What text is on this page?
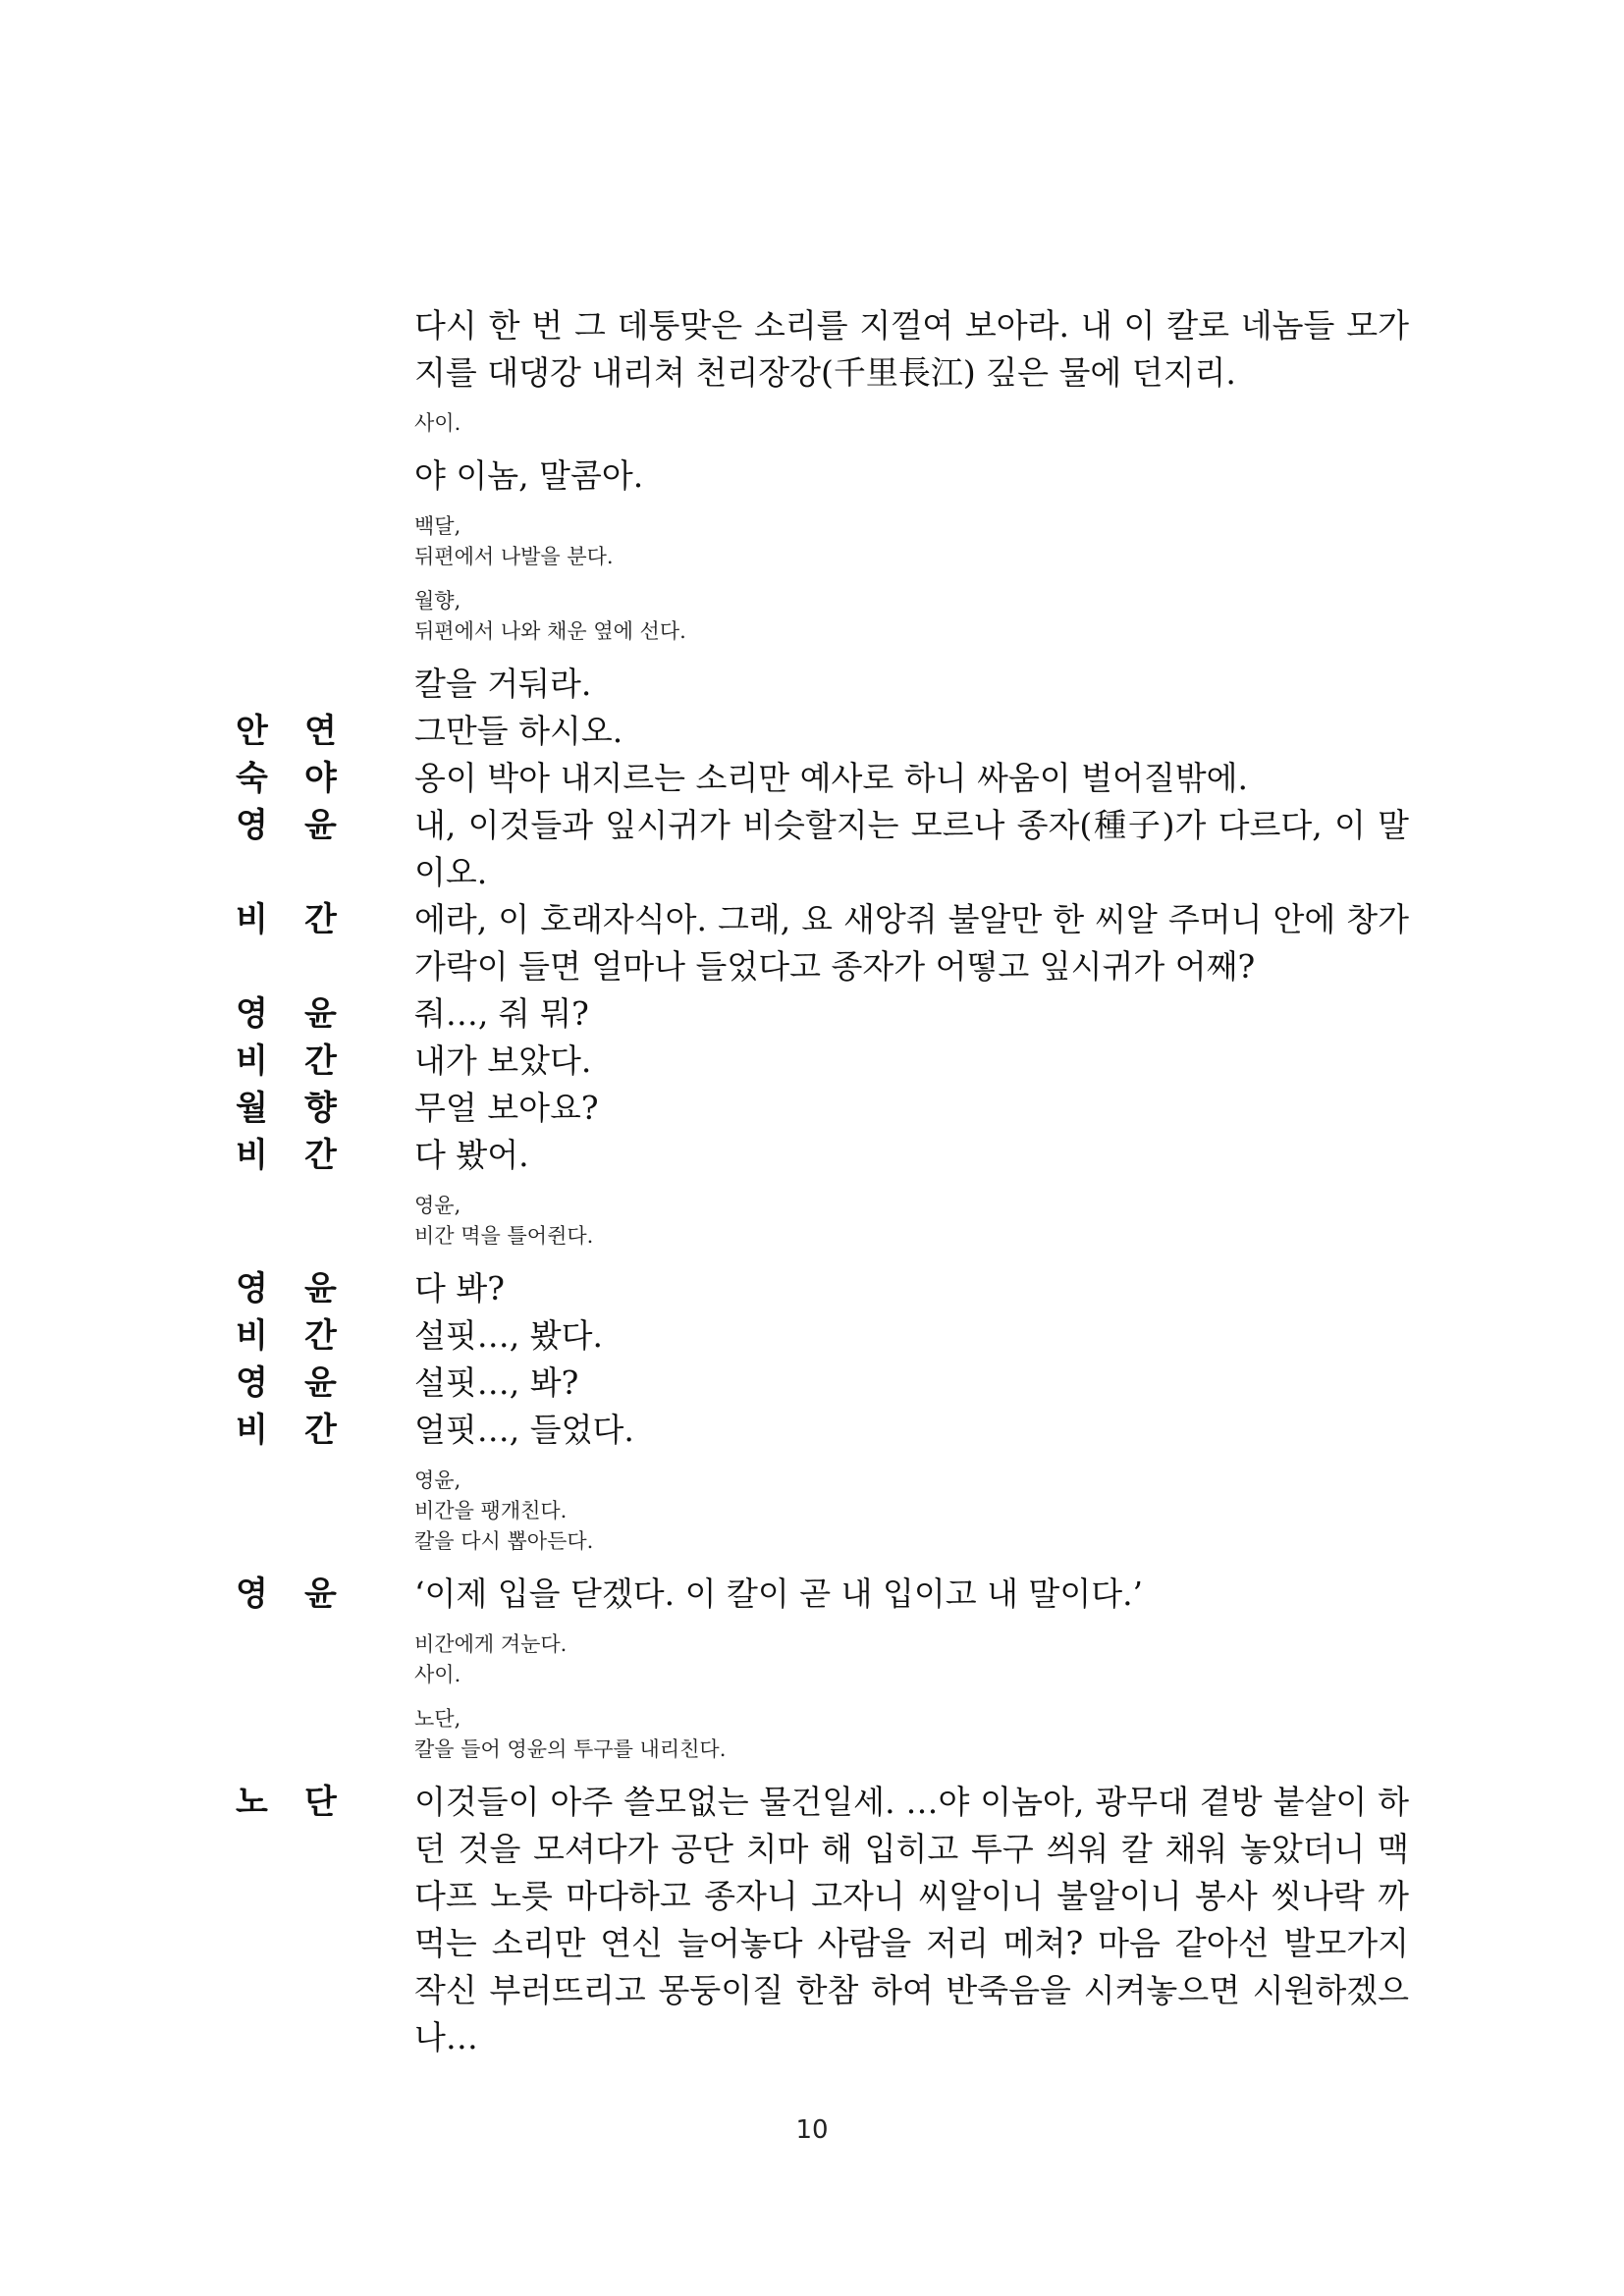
다시 한 번 그 데퉁맞은 소리를 지껄여 보아라. 내 이 칼로 네놈들 모가지를 대댕강 내리쳐 천리장강(千里長江) 깊은 물에 던지리.
사이.
야 이놈, 말콤아.
백달,
뒤편에서 나발을 분다.
월향,
뒤편에서 나와 채운 옆에 선다.
칼을 거둬라.
안	연	그만들 하시오.
숙	야	옹이 박아 내지르는 소리만 예사로 하니 싸움이 벌어질밖에.
영	윤	내, 이것들과 잎시귀가 비슷할지는 모르나 종자(種子)가 다르다, 이 말이오.
비	간	에라, 이 호래자식아. 그래, 요 새앙쥐 불알만 한 씨알 주머니 안에 창가 가락이 들면 얼마나 들었다고 종자가 어떻고 잎시귀가 어째?
영	윤	줘…, 줘 뭐?
비	간	내가 보았다.
월	향	무얼 보아요?
비	간	다 봤어.
영윤,
비간 멱을 틀어쥔다.
영	윤	다 봐?
비	간	설핏…, 봤다.
영	윤	설핏…, 봐?
비	간	얼핏…, 들었다.
영윤,
비간을 팽개친다.
칼을 다시 뽑아든다.
영	윤	‘이제 입을 닫겠다. 이 칼이 곧 내 입이고 내 말이다.’
비간에게 겨눈다.
사이.
노단,
칼을 들어 영윤의 투구를 내리친다.
노	단	이것들이 아주 쓸모없는 물건일세. …야 이놈아, 광무대 곁방 붙살이 하던 것을 모셔다가 공단 치마 해 입히고 투구 씌워 칼 채워 놓았더니 맥다프 노릇 마다하고 종자니 고자니 씨알이니 불알이니 봉사 씻나락 까먹는 소리만 연신 늘어놓다 사람을 저리 메쳐? 마음 같아선 발모가지 작신 부러뜨리고 몽둥이질 한참 하여 반죽음을 시켜놓으면 시원하겠으나…
10
